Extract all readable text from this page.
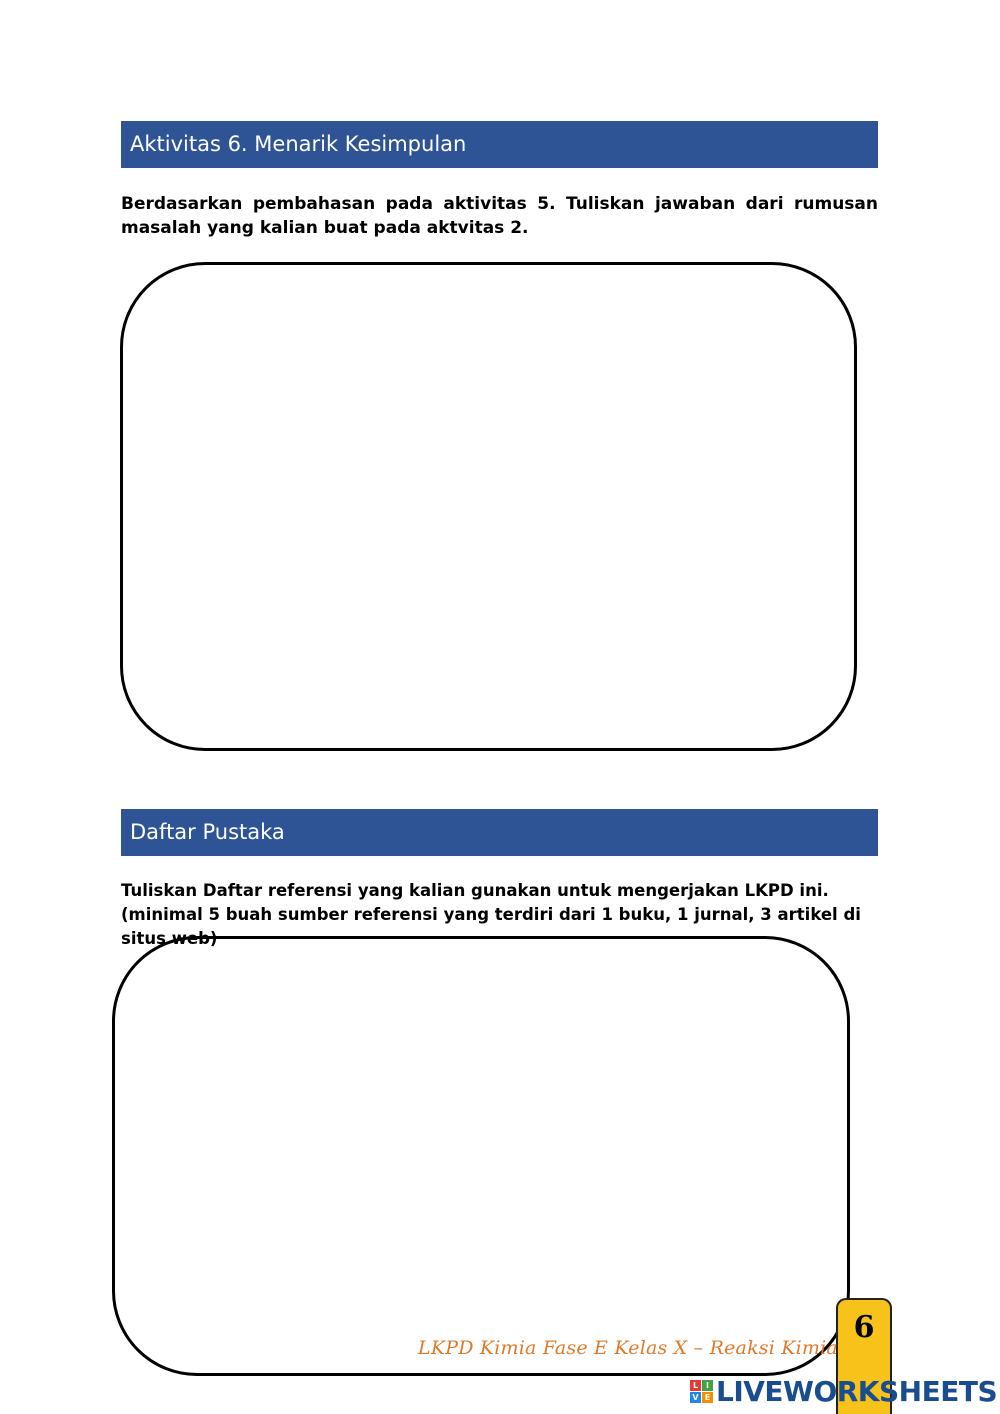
Aktivitas 6. Menarik Kesimpulan
Berdasarkan pembahasan pada aktivitas 5. Tuliskan jawaban dari rumusan masalah yang kalian buat pada aktvitas 2.
Daftar Pustaka
Tuliskan Daftar referensi yang kalian gunakan untuk mengerjakan LKPD ini. (minimal 5 buah sumber referensi yang terdiri dari 1 buku, 1 jurnal, 3 artikel di situs web)
6
LKPD Kimia Fase E Kelas X – Reaksi Kimia
L I
V E LIVEWORKSHEETS
